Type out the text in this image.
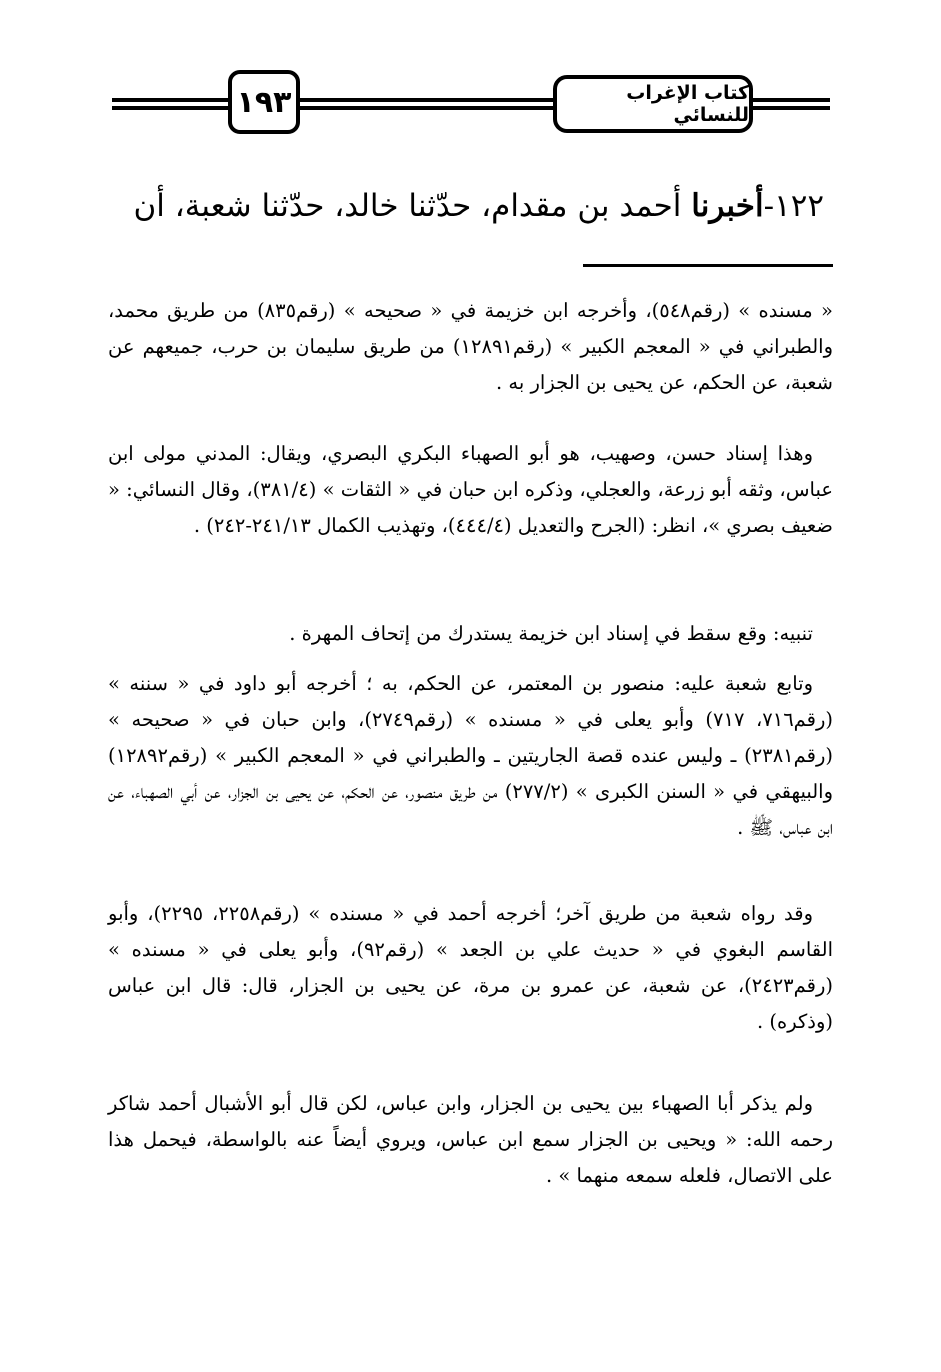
١٩٣	كتاب الإغراب للنسائي
١٢٢-أخبرنا أحمد بن مقدام، حدّثنا خالد، حدّثنا شعبة، أن

« مسنده » (رقم٥٤٨)، وأخرجه ابن خزيمة في « صحيحه » (رقم٨٣٥) من طريق محمد، والطبراني في « المعجم الكبير » (رقم١٢٨٩١) من طريق سليمان بن حرب، جميعهم عن شعبة، عن الحكم، عن يحيى بن الجزار به .

وهذا إسناد حسن، وصهيب، هو أبو الصهباء البكري البصري، ويقال: المدني مولى ابن عباس، وثقه أبو زرعة، والعجلي، وذكره ابن حبان في « الثقات » (٣٨١/٤)، وقال النسائي: « ضعيف بصري »، انظر: (الجرح والتعديل (٤٤٤/٤)، وتهذيب الكمال ٢٤١/١٣-٢٤٢) .

تنبيه: وقع سقط في إسناد ابن خزيمة يستدرك من إتحاف المهرة .

وتابع شعبة عليه: منصور بن المعتمر، عن الحكم، به ؛ أخرجه أبو داود في « سننه » (رقم٧١٦، ٧١٧) وأبو يعلى في « مسنده » (رقم٢٧٤٩)، وابن حبان في « صحيحه » (رقم٢٣٨١) ـ وليس عنده قصة الجاريتين ـ والطبراني في « المعجم الكبير » (رقم١٢٨٩٢) والبيهقي في « السنن الكبرى » (٢٧٧/٢) من طريق منصور، عن الحكم، عن يحيى بن الجزار، عن أبي الصهباء، عن ابن عباس، ﷺ .

وقد رواه شعبة من طريق آخر؛ أخرجه أحمد في « مسنده » (رقم٢٢٥٨، ٢٢٩٥)، وأبو القاسم البغوي في « حديث علي بن الجعد » (رقم٩٢)، وأبو يعلى في « مسنده » (رقم٢٤٢٣)، عن شعبة، عن عمرو بن مرة، عن يحيى بن الجزار، قال: قال ابن عباس (وذكره) .

ولم يذكر أبا الصهباء بين يحيى بن الجزار، وابن عباس، لكن قال أبو الأشبال أحمد شاكر رحمه الله: « ويحيى بن الجزار سمع ابن عباس، ويروي أيضاً عنه بالواسطة، فيحمل هذا على الاتصال، فلعله سمعه منهما » .
